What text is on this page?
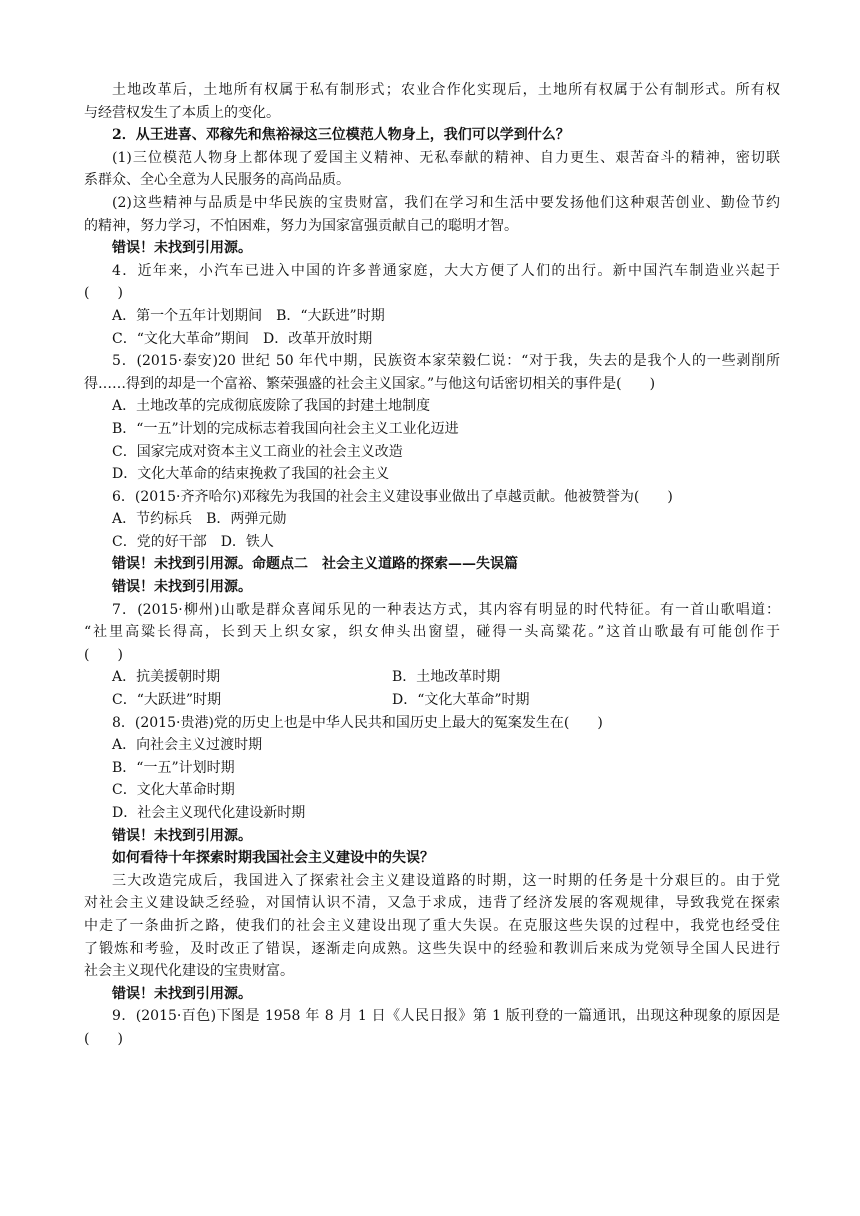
土地改革后，土地所有权属于私有制形式；农业合作化实现后，土地所有权属于公有制形式。所有权
与经营权发生了本质上的变化。
2．从王进喜、邓稼先和焦裕禄这三位模范人物身上，我们可以学到什么？
(1)三位模范人物身上都体现了爱国主义精神、无私奉献的精神、自力更生、艰苦奋斗的精神，密切联
系群众、全心全意为人民服务的高尚品质。
(2)这些精神与品质是中华民族的宝贵财富，我们在学习和生活中要发扬他们这种艰苦创业、勤俭节约
的精神，努力学习，不怕困难，努力为国家富强贡献自己的聪明才智。
错误！未找到引用源。
4．近年来，小汽车已进入中国的许多普通家庭，大大方便了人们的出行。新中国汽车制造业兴起于
(　　)
A．第一个五年计划期间　B．“大跃进”时期
C．“文化大革命”期间　D．改革开放时期
5．(2015·泰安)20 世纪 50 年代中期，民族资本家荣毅仁说：“对于我，失去的是我个人的一些剥削所
得……得到的却是一个富裕、繁荣强盛的社会主义国家。”与他这句话密切相关的事件是(　　)
A．土地改革的完成彻底废除了我国的封建土地制度
B．“一五”计划的完成标志着我国向社会主义工业化迈进
C．国家完成对资本主义工商业的社会主义改造
D．文化大革命的结束挽救了我国的社会主义
6．(2015·齐齐哈尔)邓稼先为我国的社会主义建设事业做出了卓越贡献。他被赞誉为(　　)
A．节约标兵　B．两弹元勋
C．党的好干部　D．铁人
错误！未找到引用源。命题点二　社会主义道路的探索——失误篇
错误！未找到引用源。
7．(2015·柳州)山歌是群众喜闻乐见的一种表达方式，其内容有明显的时代特征。有一首山歌唱道：
“社里高粱长得高，长到天上织女家，织女伸头出窗望，碰得一头高粱花。”这首山歌最有可能创作于
(　　)
A．抗美援朝时期	B．土地改革时期
C．“大跃进”时期	D．“文化大革命”时期
8．(2015·贵港)党的历史上也是中华人民共和国历史上最大的冤案发生在(　　)
A．向社会主义过渡时期
B．“一五”计划时期
C．文化大革命时期
D．社会主义现代化建设新时期
错误！未找到引用源。
如何看待十年探索时期我国社会主义建设中的失误？
三大改造完成后，我国进入了探索社会主义建设道路的时期，这一时期的任务是十分艰巨的。由于党
对社会主义建设缺乏经验，对国情认识不清，又急于求成，违背了经济发展的客观规律，导致我党在探索
中走了一条曲折之路，使我们的社会主义建设出现了重大失误。在克服这些失误的过程中，我党也经受住
了锻炼和考验，及时改正了错误，逐渐走向成熟。这些失误中的经验和教训后来成为党领导全国人民进行
社会主义现代化建设的宝贵财富。
错误！未找到引用源。
9．(2015·百色)下图是 1958 年 8 月 1 日《人民日报》第 1 版刊登的一篇通讯，出现这种现象的原因是
(　　)
